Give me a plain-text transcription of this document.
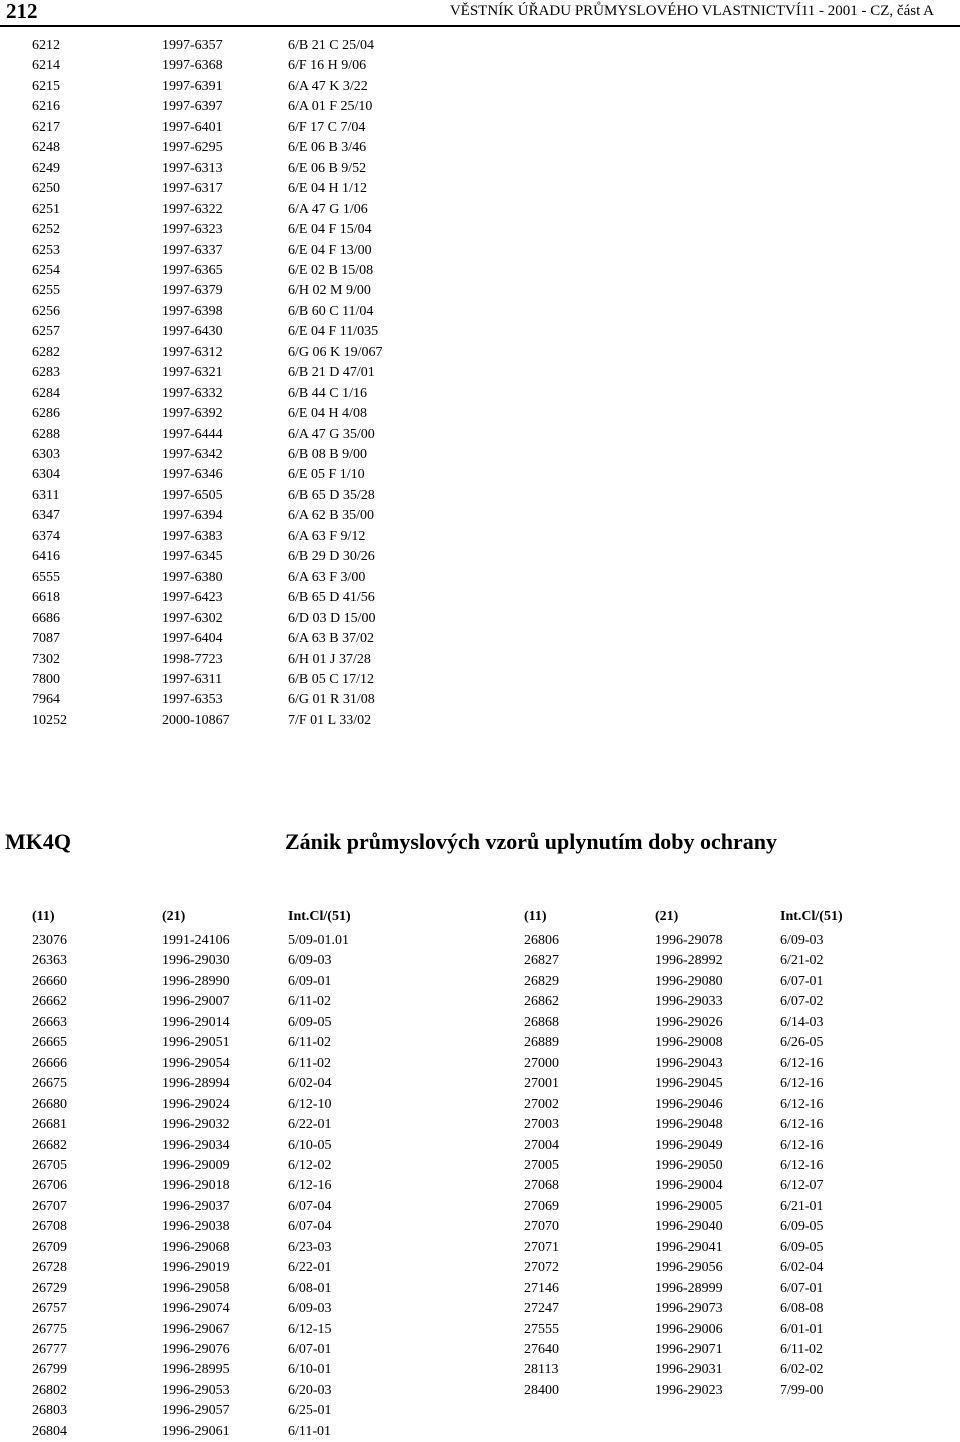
212	VĚSTNÍK ÚŘADU PRŮMYSLOVÉHO VLASTNICTVÍ11 - 2001 - CZ, část A
6212	1997-6357	6/B 21 C 25/04
6214	1997-6368	6/F 16 H 9/06
6215	1997-6391	6/A 47 K 3/22
6216	1997-6397	6/A 01 F 25/10
6217	1997-6401	6/F 17 C 7/04
6248	1997-6295	6/E 06 B 3/46
6249	1997-6313	6/E 06 B 9/52
6250	1997-6317	6/E 04 H 1/12
6251	1997-6322	6/A 47 G 1/06
6252	1997-6323	6/E 04 F 15/04
6253	1997-6337	6/E 04 F 13/00
6254	1997-6365	6/E 02 B 15/08
6255	1997-6379	6/H 02 M 9/00
6256	1997-6398	6/B 60 C 11/04
6257	1997-6430	6/E 04 F 11/035
6282	1997-6312	6/G 06 K 19/067
6283	1997-6321	6/B 21 D 47/01
6284	1997-6332	6/B 44 C 1/16
6286	1997-6392	6/E 04 H 4/08
6288	1997-6444	6/A 47 G 35/00
6303	1997-6342	6/B 08 B 9/00
6304	1997-6346	6/E 05 F 1/10
6311	1997-6505	6/B 65 D 35/28
6347	1997-6394	6/A 62 B 35/00
6374	1997-6383	6/A 63 F 9/12
6416	1997-6345	6/B 29 D 30/26
6555	1997-6380	6/A 63 F 3/00
6618	1997-6423	6/B 65 D 41/56
6686	1997-6302	6/D 03 D 15/00
7087	1997-6404	6/A 63 B 37/02
7302	1998-7723	6/H 01 J 37/28
7800	1997-6311	6/B 05 C 17/12
7964	1997-6353	6/G 01 R 31/08
10252	2000-10867	7/F 01 L 33/02
MK4Q	Zánik průmyslových vzorů uplynutím doby ochrany
(11)	(21)	Int.Cl/(51)
23076	1991-24106	5/09-01.01
26363	1996-29030	6/09-03
26660	1996-28990	6/09-01
26662	1996-29007	6/11-02
26663	1996-29014	6/09-05
26665	1996-29051	6/11-02
26666	1996-29054	6/11-02
26675	1996-28994	6/02-04
26680	1996-29024	6/12-10
26681	1996-29032	6/22-01
26682	1996-29034	6/10-05
26705	1996-29009	6/12-02
26706	1996-29018	6/12-16
26707	1996-29037	6/07-04
26708	1996-29038	6/07-04
26709	1996-29068	6/23-03
26728	1996-29019	6/22-01
26729	1996-29058	6/08-01
26757	1996-29074	6/09-03
26775	1996-29067	6/12-15
26777	1996-29076	6/07-01
26799	1996-28995	6/10-01
26802	1996-29053	6/20-03
26803	1996-29057	6/25-01
26804	1996-29061	6/11-01
(11)	(21)	Int.Cl/(51)
26806	1996-29078	6/09-03
26827	1996-28992	6/21-02
26829	1996-29080	6/07-01
26862	1996-29033	6/07-02
26868	1996-29026	6/14-03
26889	1996-29008	6/26-05
27000	1996-29043	6/12-16
27001	1996-29045	6/12-16
27002	1996-29046	6/12-16
27003	1996-29048	6/12-16
27004	1996-29049	6/12-16
27005	1996-29050	6/12-16
27068	1996-29004	6/12-07
27069	1996-29005	6/21-01
27070	1996-29040	6/09-05
27071	1996-29041	6/09-05
27072	1996-29056	6/02-04
27146	1996-28999	6/07-01
27247	1996-29073	6/08-08
27555	1996-29006	6/01-01
27640	1996-29071	6/11-02
28113	1996-29031	6/02-02
28400	1996-29023	7/99-00
